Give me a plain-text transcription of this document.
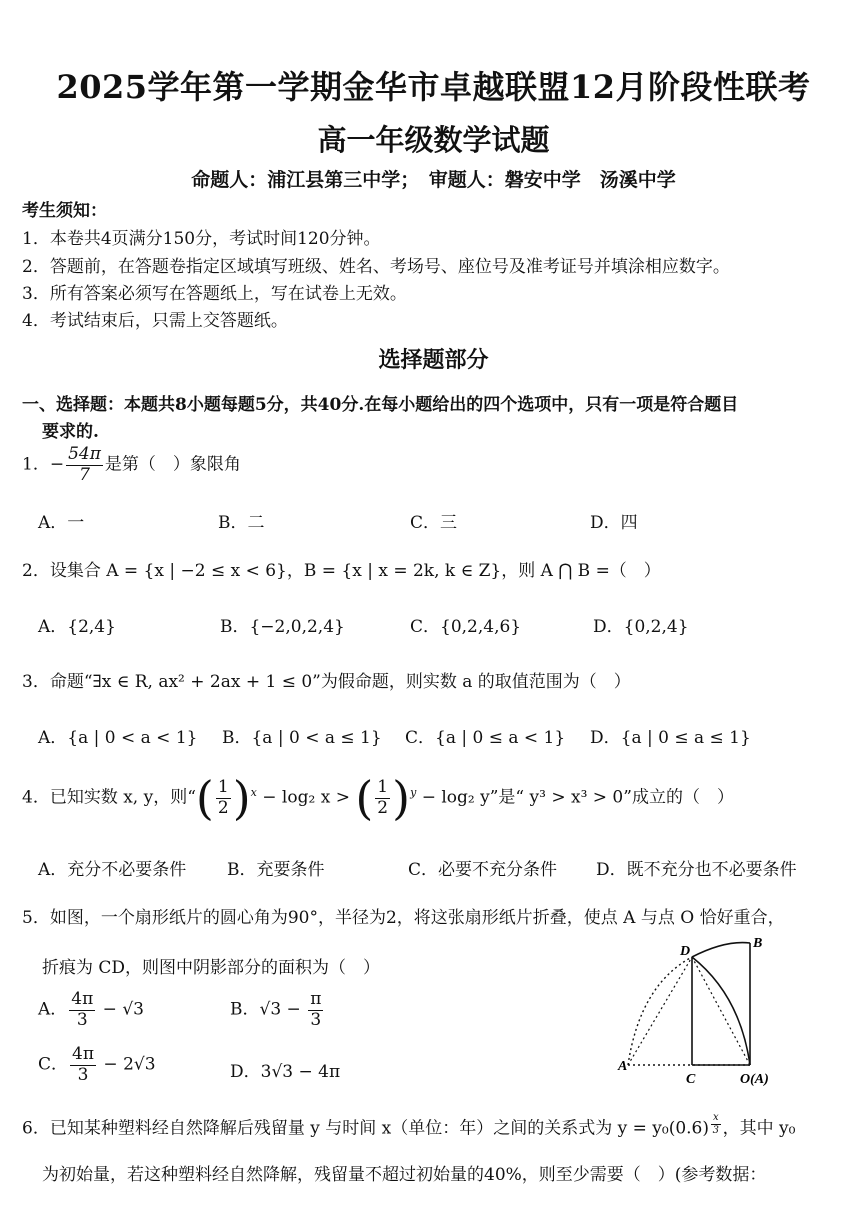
2025学年第一学期金华市卓越联盟12月阶段性联考
高一年级数学试题
命题人：浦江县第三中学；　审题人：磐安中学　汤溪中学
考生须知：
1．本卷共4页满分150分，考试时间120分钟。
2．答题前，在答题卷指定区域填写班级、姓名、考场号、座位号及准考证号并填涂相应数字。
3．所有答案必须写在答题纸上，写在试卷上无效。
4．考试结束后，只需上交答题纸。
选择题部分
一、选择题：本题共8小题每题5分，共40分.在每小题给出的四个选项中，只有一项是符合题目
要求的.
1．− $\frac{54\pi}{7}$ 是第（　）象限角
A．一	B．二	C．三	D．四
2．设集合 A = {x | −2 ≤ x < 6}，B = {x | x = 2k, k ∈ Z}，则 A ⋂ B =（　）
A．{2,4}	B．{−2,0,2,4}	C．{0,2,4,6}	D．{0,2,4}
3．命题“∃x ∈ R, ax² + 2ax + 1 ≤ 0”为假命题，则实数 a 的取值范围为（　）
A．{a | 0 < a < 1} B．{a | 0 < a ≤ 1} C．{a | 0 ≤ a < 1} D．{a | 0 ≤ a ≤ 1}
4．已知实数 x, y，则“( $\frac{1}{2} )^x - \log_2$ x > ( $\frac{1}{2} )^y - \log_2$ y”是“ y³ > x³ > 0”成立的（　）
A．充分不必要条件 B．充要条件	C．必要不充分条件 D．既不充分也不必要条件
5．如图，一个扇形纸片的圆心角为90°，半径为2，将这张扇形纸片折叠，使点 A 与点 O 恰好重合，
折痕为 CD，则图中阴影部分的面积为（　）
A． $\frac{4\pi}{3} - √3$	B．$√3 - \frac{\pi}{3}$
C． $\frac{4\pi}{3} - 2√3$	D．3√3 − 4π
D
B
A
C	O(A)
6．已知某种塑料经自然降解后残留量 y 与时间 x（单位：年）之间的关系式为 y = y₀(0.6) $^{\frac{x}{3}}$ ，其中 y₀
为初始量，若这种塑料经自然降解，残留量不超过初始量的40%，则至少需要（　）(参考数据：
